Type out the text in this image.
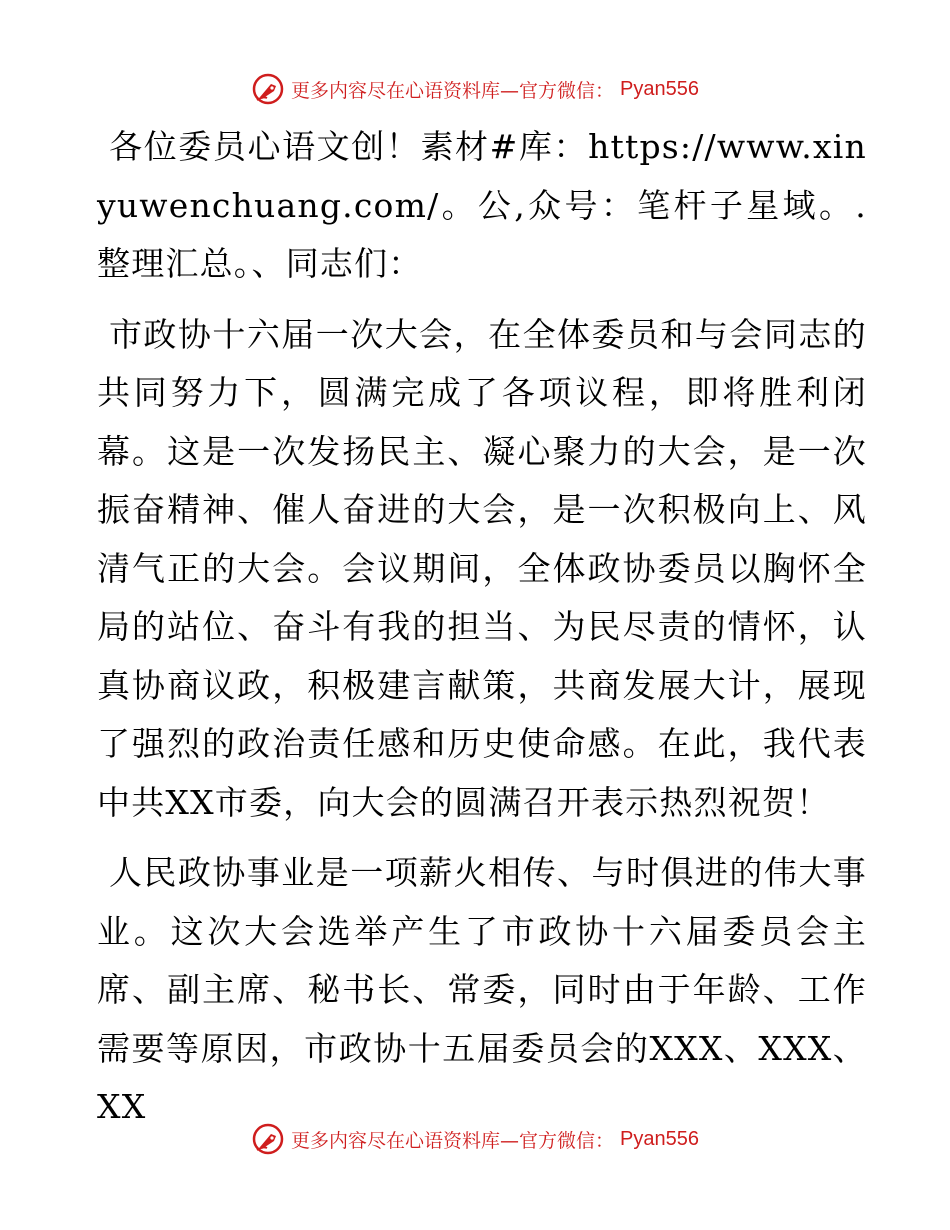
更多内容尽在心语资料库—官方微信： Pyan556

各位委员心语文创！素材#库：https://www.xinyuwenchuang.com/。公,众号：笔杆子星域。.整理汇总。、同志们：

市政协十六届一次大会，在全体委员和与会同志的共同努力下，圆满完成了各项议程，即将胜利闭幕。这是一次发扬民主、凝心聚力的大会，是一次振奋精神、催人奋进的大会，是一次积极向上、风清气正的大会。会议期间，全体政协委员以胸怀全局的站位、奋斗有我的担当、为民尽责的情怀，认真协商议政，积极建言献策，共商发展大计，展现了强烈的政治责任感和历史使命感。在此，我代表中共XX市委，向大会的圆满召开表示热烈祝贺！

人民政协事业是一项薪火相传、与时俱进的伟大事业。这次大会选举产生了市政协十六届委员会主席、副主席、秘书长、常委，同时由于年龄、工作需要等原因，市政协十五届委员会的XXX、XXX、XX

更多内容尽在心语资料库—官方微信： Pyan556
